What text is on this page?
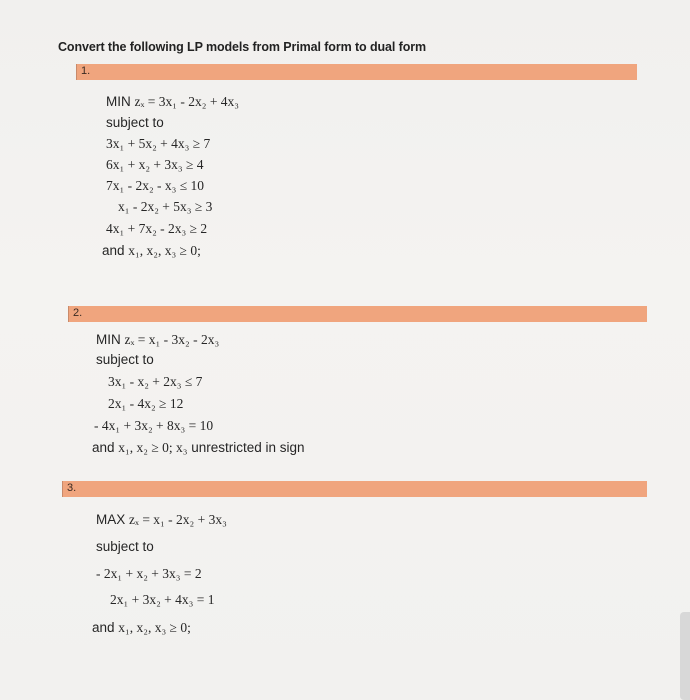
Convert the following LP models from Primal form to dual form
1.
MIN zₓ = 3x₁ - 2x₂ + 4x₃
subject to
3x₁ + 5x₂ + 4x₃ ≥ 7
6x₁ + x₂ + 3x₃ ≥ 4
7x₁ - 2x₂ - x₃ ≤ 10
x₁ - 2x₂ + 5x₃ ≥ 3
4x₁ + 7x₂ - 2x₃ ≥ 2
and x₁, x₂, x₃ ≥ 0;
2.
MIN zₓ = x₁ - 3x₂ - 2x₃
subject to
3x₁ - x₂ + 2x₃ ≤ 7
2x₁ - 4x₂ ≥ 12
- 4x₁ + 3x₂ + 8x₃ = 10
and x₁, x₂ ≥ 0; x₃ unrestricted in sign
3.
MAX zₓ = x₁ - 2x₂ + 3x₃
subject to
- 2x₁ + x₂ + 3x₃ = 2
2x₁ + 3x₂ + 4x₃ = 1
and x₁, x₂, x₃ ≥ 0;
